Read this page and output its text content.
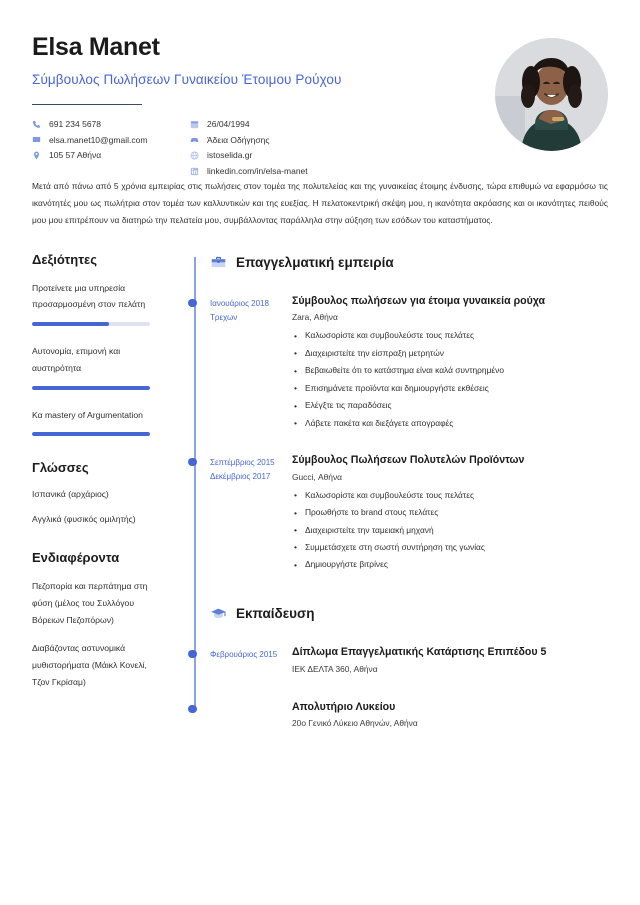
Elsa Manet
Σύμβουλος Πωλήσεων Γυναικείου Έτοιμου Ρούχου
691 234 5678
elsa.manet10@gmail.com
105 57 Αθήνα
26/04/1994
Άδεια Οδήγησης
istoselida.gr
linkedin.com/in/elsa-manet
Μετά από πάνω από 5 χρόνια εμπειρίας στις πωλήσεις στον τομέα της πολυτελείας και της γυναικείας έτοιμης ένδυσης, τώρα επιθυμώ να εφαρμόσω τις ικανότητές μου ως πωλήτρια στον τομέα των καλλυντικών και της ευεξίας. Η πελατοκεντρική σκέψη μου, η ικανότητα ακρόασης και οι ικανότητες πειθούς μου μου επιτρέπουν να διατηρώ την πελατεία μου, συμβάλλοντας παράλληλα στην αύξηση των εσόδων του καταστήματος.
Δεξιότητες
Προτείνετε μια υπηρεσία προσαρμοσμένη στον πελάτη
Αυτονομία, επιμονή και αυστηρότητα
Κα mastery of Argumentation
Γλώσσες
Ισπανικά (αρχάριος)
Αγγλικά (φυσικός ομιλητής)
Ενδιαφέροντα
Πεζοπορία και περπάτημα στη φύση (μέλος του Συλλόγου Βόρειων Πεζοπόρων)
Διαβάζοντας αστυνομικά μυθιστορήματα (Μάικλ Κονελί, Τζον Γκρίσαμ)
Επαγγελματική εμπειρία
Ιανουάριος 2018
Τρεχων
Σύμβουλος πωλήσεων για έτοιμα γυναικεία ρούχα
Zara, Αθήνα
• Καλωσορίστε και συμβουλεύστε τους πελάτες
• Διαχειριστείτε την είσπραξη μετρητών
• Βεβαιωθείτε ότι το κατάστημα είναι καλά συντηρημένο
• Επισημάνετε προϊόντα και δημιουργήστε εκθέσεις
• Ελέγξτε τις παραδόσεις
• Λάβετε πακέτα και διεξάγετε απογραφές
Σεπτέμβριος 2015
Δεκέμβριος 2017
Σύμβουλος Πωλήσεων Πολυτελών Προϊόντων
Gucci, Αθήνα
• Καλωσορίστε και συμβουλεύστε τους πελάτες
• Προωθήστε το brand στους πελάτες
• Διαχειριστείτε την ταμειακή μηχανή
• Συμμετάσχετε στη σωστή συντήρηση της γωνίας
• Δημιουργήστε βιτρίνες
Εκπαίδευση
Φεβρουάριος 2015	Δίπλωμα Επαγγελματικής Κατάρτισης Επιπέδου 5
ΙΕΚ ΔΕΛΤΑ 360, Αθήνα
Απολυτήριο Λυκείου
20ο Γενικό Λύκειο Αθηνών, Αθήνα
